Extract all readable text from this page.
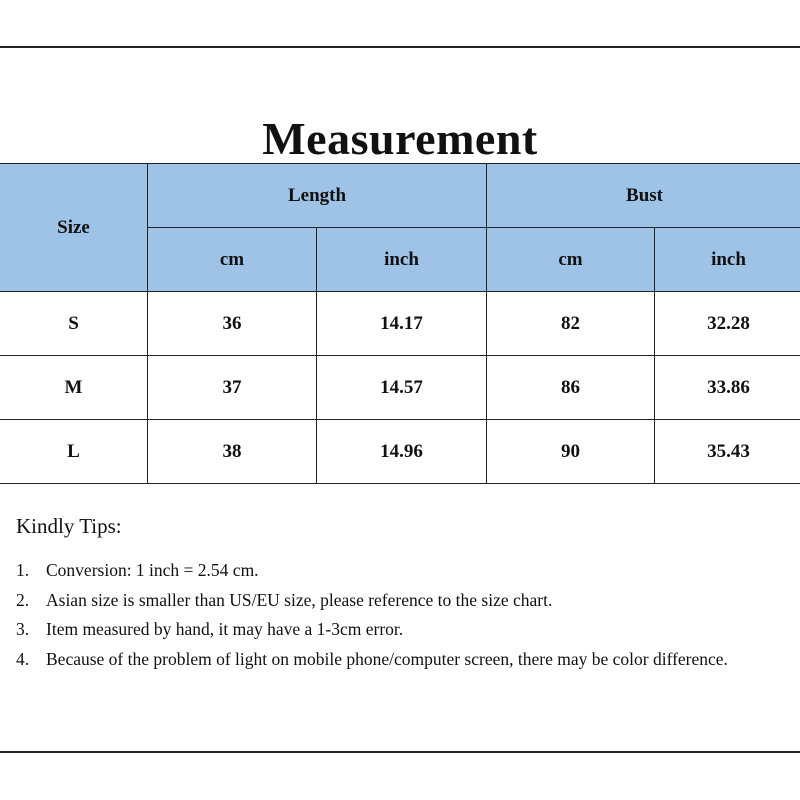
Measurement
Size	Length		Bust	
	cm	inch	cm	inch
S	36	14.17	82	32.28
M	37	14.57	86	33.86
L	38	14.96	90	35.43
Kindly Tips:
1. Conversion: 1 inch = 2.54 cm.
2. Asian size is smaller than US/EU size, please reference to the size chart.
3. Item measured by hand, it may have a 1-3cm error.
4. Because of the problem of light on mobile phone/computer screen, there may be color difference.
